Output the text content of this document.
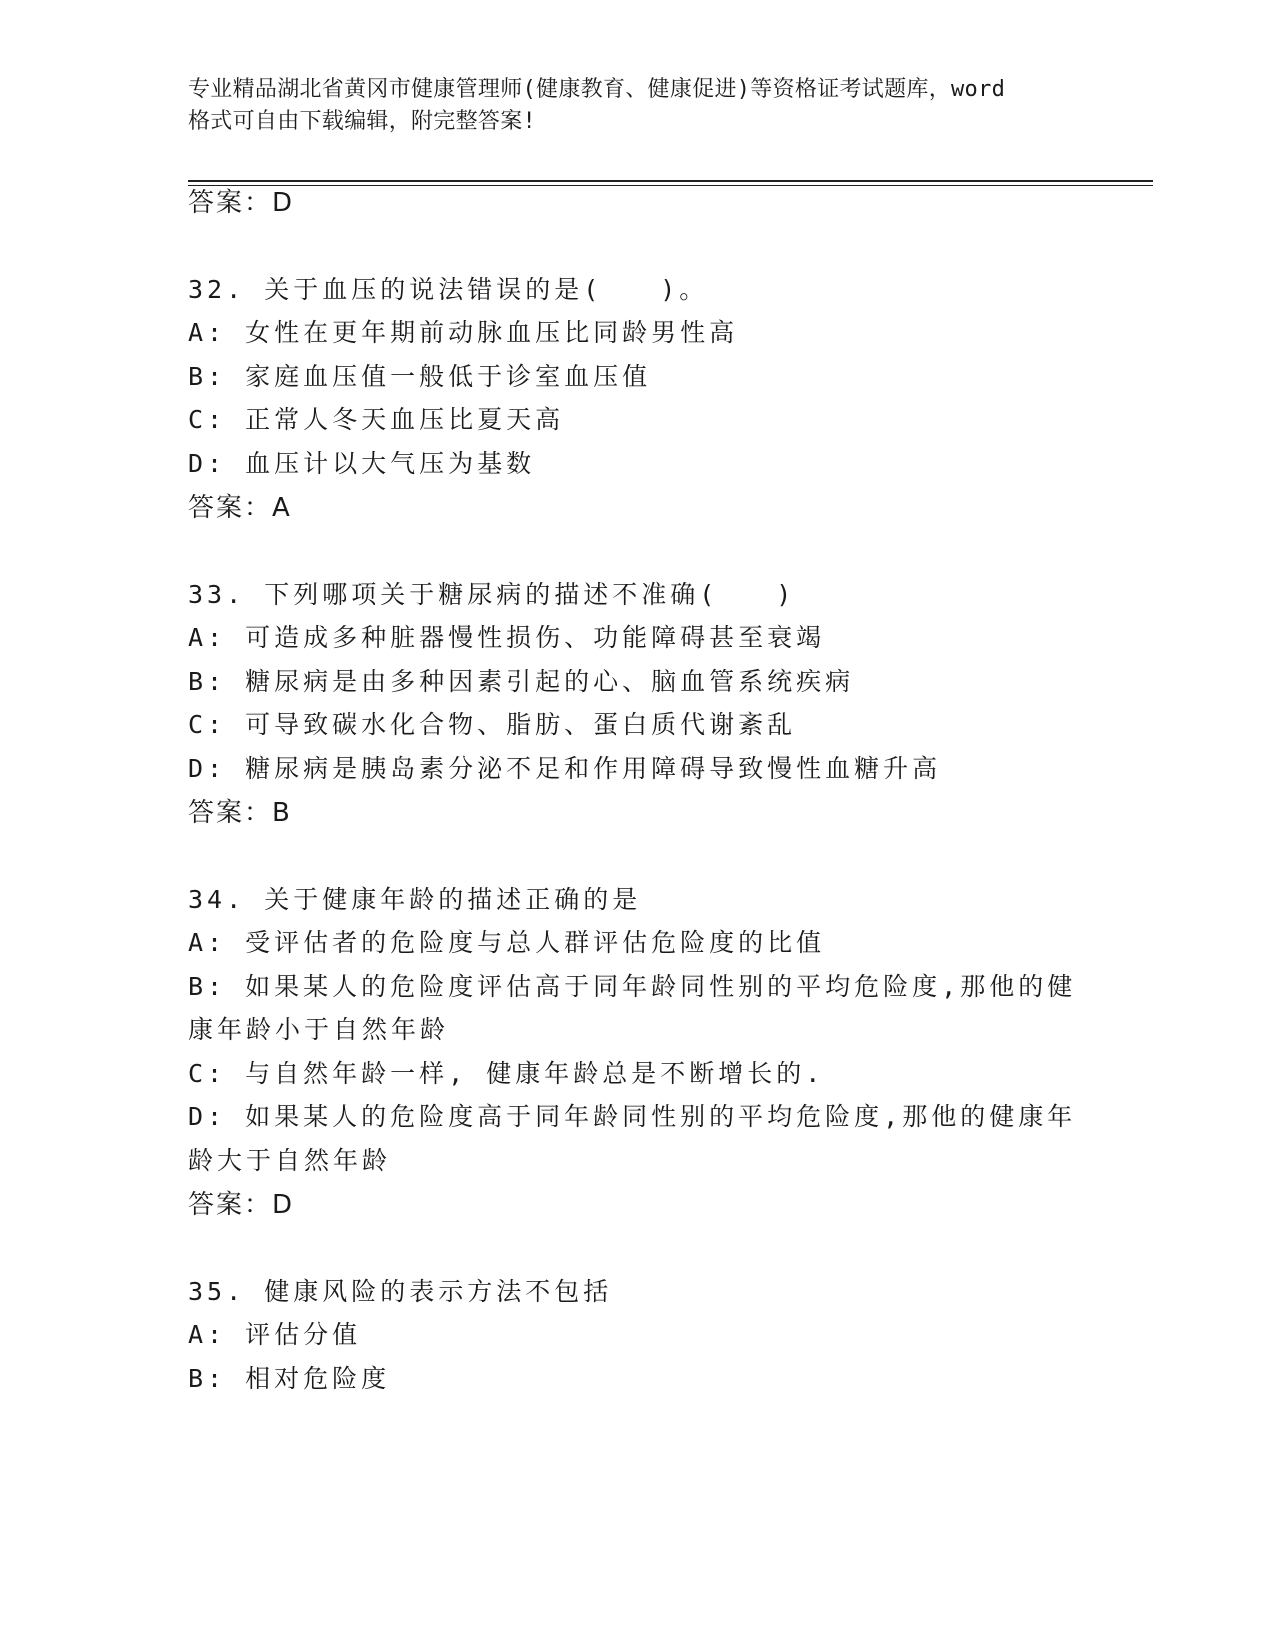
专业精品湖北省黄冈市健康管理师(健康教育、健康促进)等资格证考试题库，word
格式可自由下载编辑，附完整答案!
答案：D
32. 关于血压的说法错误的是(　　)。
A: 女性在更年期前动脉血压比同龄男性高
B: 家庭血压值一般低于诊室血压值
C: 正常人冬天血压比夏天高
D: 血压计以大气压为基数
答案：A
33. 下列哪项关于糖尿病的描述不准确(　　)
A: 可造成多种脏器慢性损伤、功能障碍甚至衰竭
B: 糖尿病是由多种因素引起的心、脑血管系统疾病
C: 可导致碳水化合物、脂肪、蛋白质代谢紊乱
D: 糖尿病是胰岛素分泌不足和作用障碍导致慢性血糖升高
答案：B
34. 关于健康年龄的描述正确的是
A: 受评估者的危险度与总人群评估危险度的比值
B: 如果某人的危险度评估高于同年龄同性别的平均危险度,那他的健
康年龄小于自然年龄
C: 与自然年龄一样, 健康年龄总是不断增长的.
D: 如果某人的危险度高于同年龄同性别的平均危险度,那他的健康年
龄大于自然年龄
答案：D
35. 健康风险的表示方法不包括
A: 评估分值
B: 相对危险度
